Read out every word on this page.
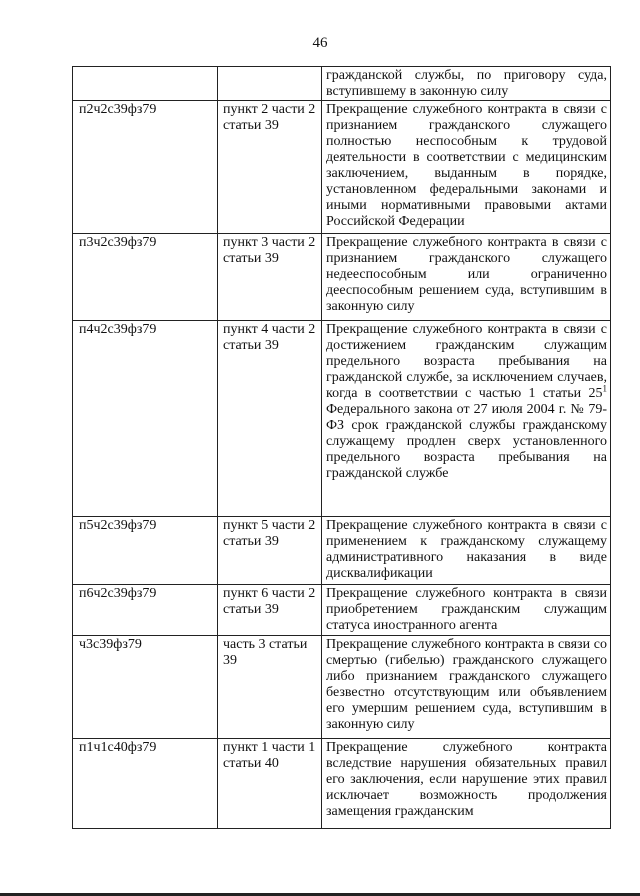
46
		гражданской службы, по приговору суда, вступившему в законную силу
п2ч2с39фз79	пункт 2 части 2 статьи 39	Прекращение служебного контракта в связи с признанием гражданского служащего полностью неспособным к трудовой деятельности в соответствии с медицинским заключением, выданным в порядке, установленном федеральными законами и иными нормативными правовыми актами Российской Федерации
п3ч2с39фз79	пункт 3 части 2 статьи 39	Прекращение служебного контракта в связи с признанием гражданского служащего недееспособным или ограниченно дееспособным решением суда, вступившим в законную силу
п4ч2с39фз79	пункт 4 части 2 статьи 39	Прекращение служебного контракта в связи с достижением гражданским служащим предельного возраста пребывания на гражданской службе, за исключением случаев, когда в соответствии с частью 1 статьи $25^1$ Федерального закона от 27 июля 2004 г. № 79-ФЗ срок гражданской службы гражданскому служащему продлен сверх установленного предельного возраста пребывания на гражданской службе
п5ч2с39фз79	пункт 5 части 2 статьи 39	Прекращение служебного контракта в связи с применением к гражданскому служащему административного наказания в виде дисквалификации
п6ч2с39фз79	пункт 6 части 2 статьи 39	Прекращение служебного контракта в связи приобретением гражданским служащим статуса иностранного агента
ч3с39фз79	часть 3 статьи 39	Прекращение служебного контракта в связи со смертью (гибелью) гражданского служащего либо признанием гражданского служащего безвестно отсутствующим или объявлением его умершим решением суда, вступившим в законную силу
п1ч1с40фз79	пункт 1 части 1 статьи 40	Прекращение служебного контракта вследствие нарушения обязательных правил его заключения, если нарушение этих правил исключает возможность продолжения замещения гражданским
